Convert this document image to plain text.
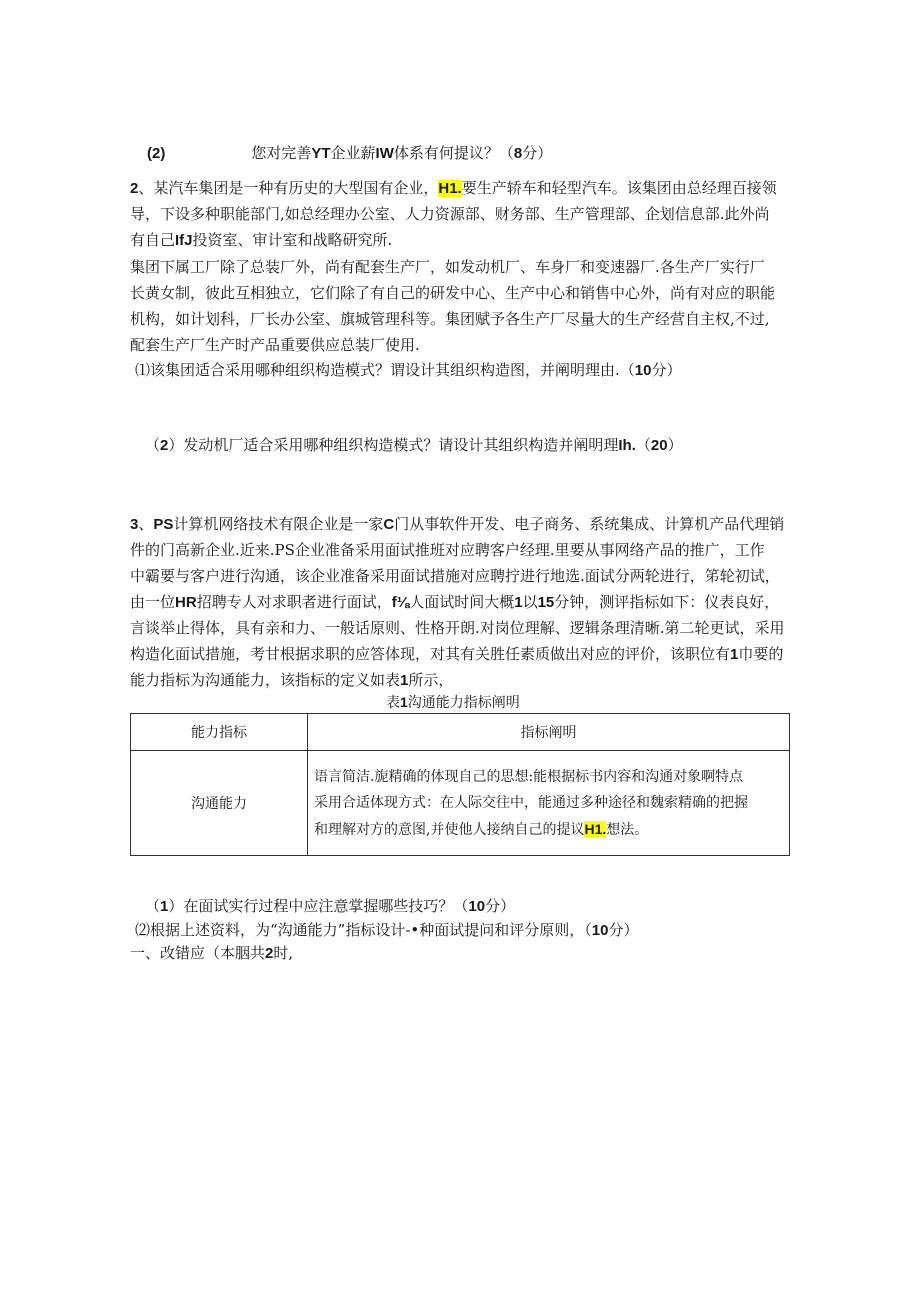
(2)	您对完善YT企业薪IW体系有何提议？（8分）
2、某汽车集团是一种有历史的大型国有企业，H1.要生产轿车和轻型汽车。该集团由总经理百接领
导，下设多种职能部门,如总经理办公室、人力资源部、财务部、生产管理部、企划信息部.此外尚
有自己IfJ投资室、审计室和战略研究所.
集团下属工厂除了总装厂外，尚有配套生产厂，如发动机厂、车身厂和变速器厂.各生产厂实行厂
长黄女制，彼此互相独立，它们除了有自己的研发中心、生产中心和销售中心外，尚有对应的职能
机构，如计划科，厂长办公室、旗城管理科等。集团赋予各生产厂尽量大的生产经营自主权,不过,
配套生产厂生产时产品重要供应总装厂使用.
⑴该集团适合采用哪种组织构造模式？谓设计其组织构造图，并阐明理由.（10分）
（2）发动机厂适合采用哪种组织构造模式？请设计其组织构造并阐明理Ih.（20）
3、PS计算机网络技术有限企业是一家C门从事软件开发、电子商务、系统集成、计算机产品代理销
件的门高新企业.近来.PS企业准备采用面试推班对应聘客户经理.里要从事网络产品的推广，工作
中霸要与客户进行沟通，该企业准备采用面试措施对应聘拧进行地选.面试分两轮进行，笫轮初试，
由一位HR招聘专人对求职者进行面试，f⅛人面试时间大概1以15分钟，测评指标如下：仪表良好，
言谈举止得体，具有亲和力、一般话原则、性格开朗.对岗位理解、逻辑条理清晰.第二轮更试，采用
构造化面试措施，考甘根据求职的应答体现，对其有关胜任素质做出对应的评价，该职位有1巾要的
能力指标为沟通能力，该指标的定义如表1所示，
表1沟通能力指标阐明
能力指标	指标阐明
沟通能力	语言简洁.旎精确的体现自己的思想:能根据标书内容和沟通对象啊特点
采用合适体现方式：在人际交往中，能通过多种途径和魏索精确的把握
和理解对方的意图,并使他人接纳自己的提议H1.想法。
（1）在面试实行过程中应注意掌握哪些技巧？（10分）
⑵根据上述资料，为“沟通能力”指标设计-•种面试提问和评分原则，（10分）
一、改错应（本胭共2时,
